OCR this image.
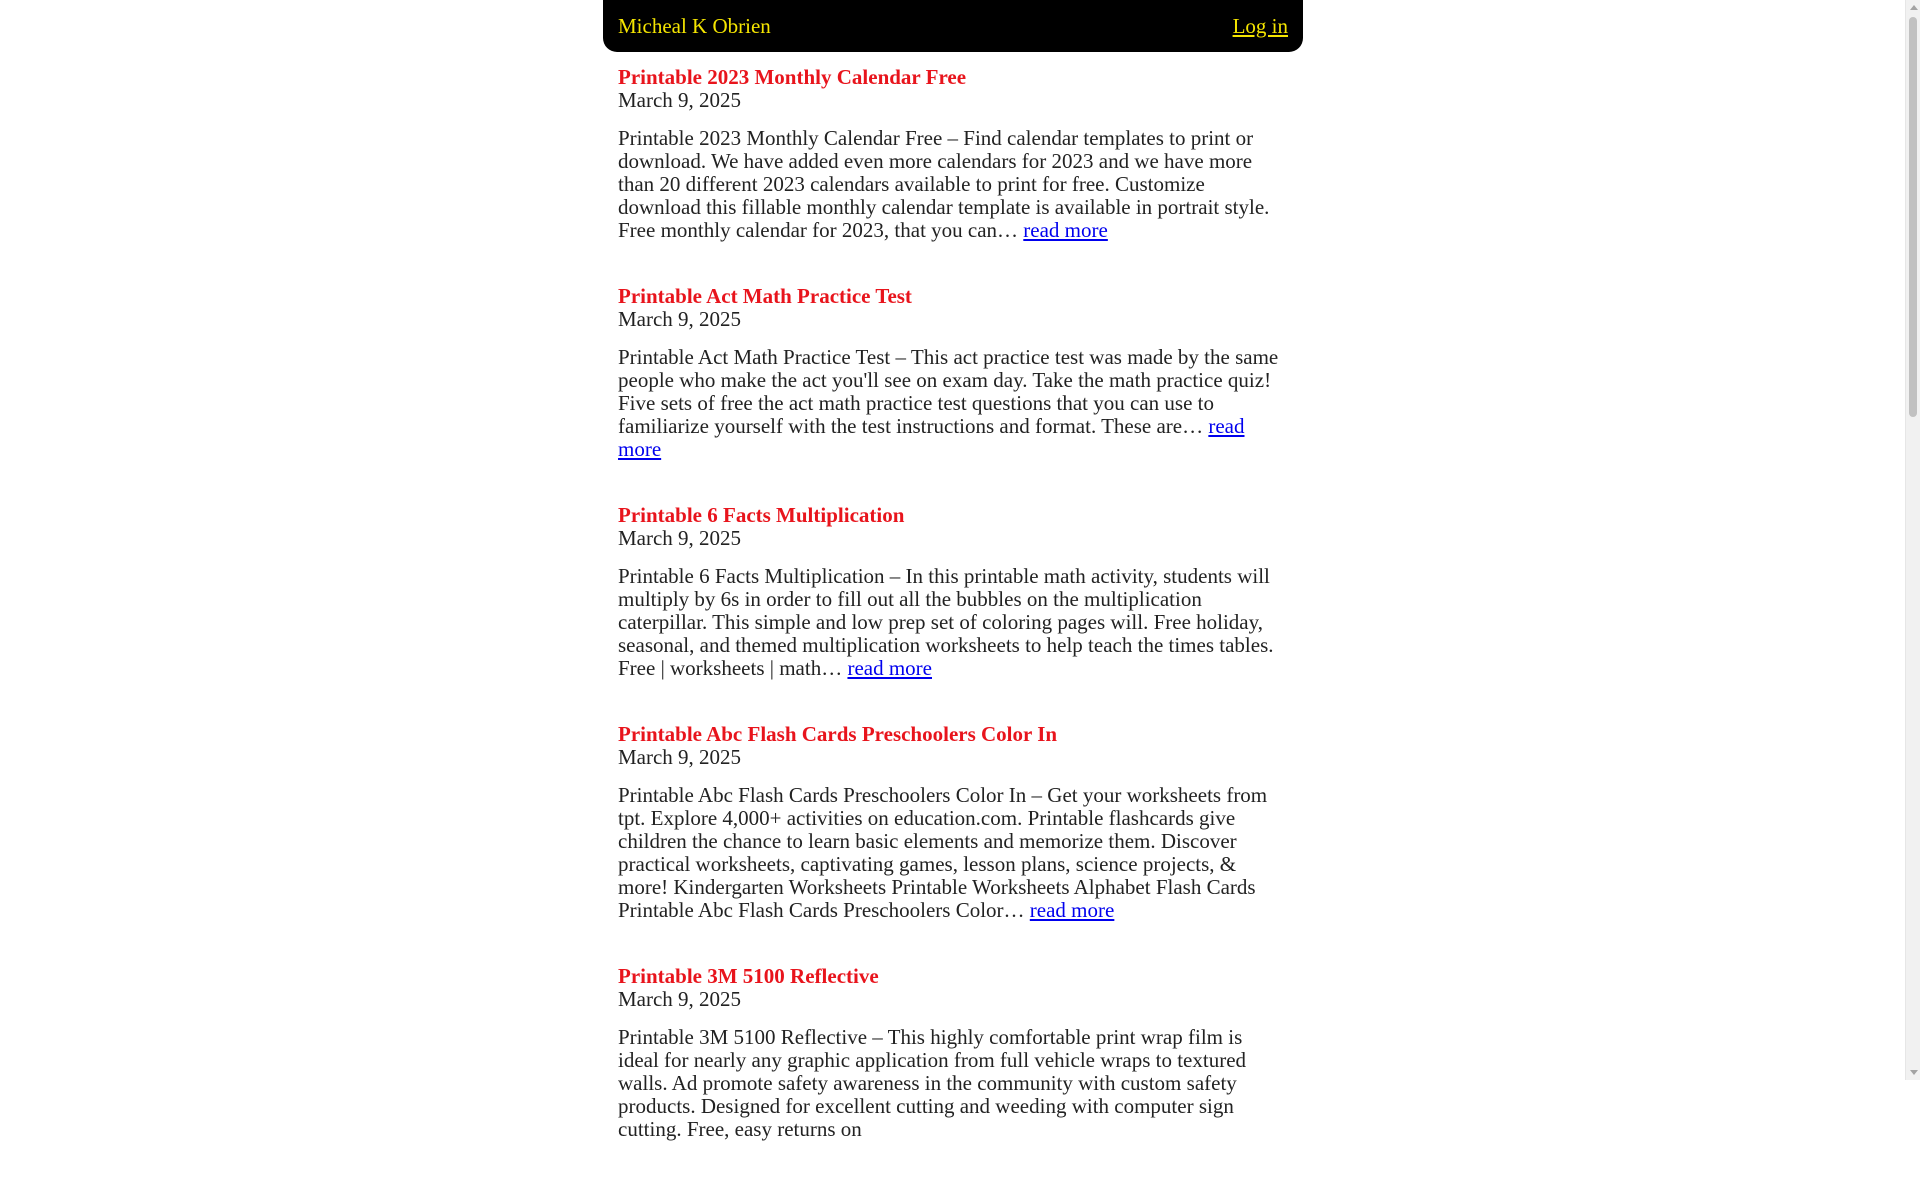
Micheal K Obrien	Log in
Printable 2023 Monthly Calendar Free
March 9, 2025

Printable 2023 Monthly Calendar Free – Find calendar templates to print or download. We have added even more calendars for 2023 and we have more than 20 different 2023 calendars available to print for free. Customize download this fillable monthly calendar template is available in portrait style. Free monthly calendar for 2023, that you can… read more

Printable Act Math Practice Test
March 9, 2025

Printable Act Math Practice Test – This act practice test was made by the same people who make the act you'll see on exam day. Take the math practice quiz! Five sets of free the act math practice test questions that you can use to familiarize yourself with the test instructions and format. These are… read more

Printable 6 Facts Multiplication
March 9, 2025

Printable 6 Facts Multiplication – In this printable math activity, students will multiply by 6s in order to fill out all the bubbles on the multiplication caterpillar. This simple and low prep set of coloring pages will. Free holiday, seasonal, and themed multiplication worksheets to help teach the times tables. Free | worksheets | math… read more

Printable Abc Flash Cards Preschoolers Color In
March 9, 2025

Printable Abc Flash Cards Preschoolers Color In – Get your worksheets from tpt. Explore 4,000+ activities on education.com. Printable flashcards give children the chance to learn basic elements and memorize them. Discover practical worksheets, captivating games, lesson plans, science projects, & more! Kindergarten Worksheets Printable Worksheets Alphabet Flash Cards Printable Abc Flash Cards Preschoolers Color… read more

Printable 3M 5100 Reflective
March 9, 2025

Printable 3M 5100 Reflective – This highly comfortable print wrap film is ideal for nearly any graphic application from full vehicle wraps to textured walls. Ad promote safety awareness in the community with custom safety products. Designed for excellent cutting and weeding with computer sign cutting. Free, easy returns on
